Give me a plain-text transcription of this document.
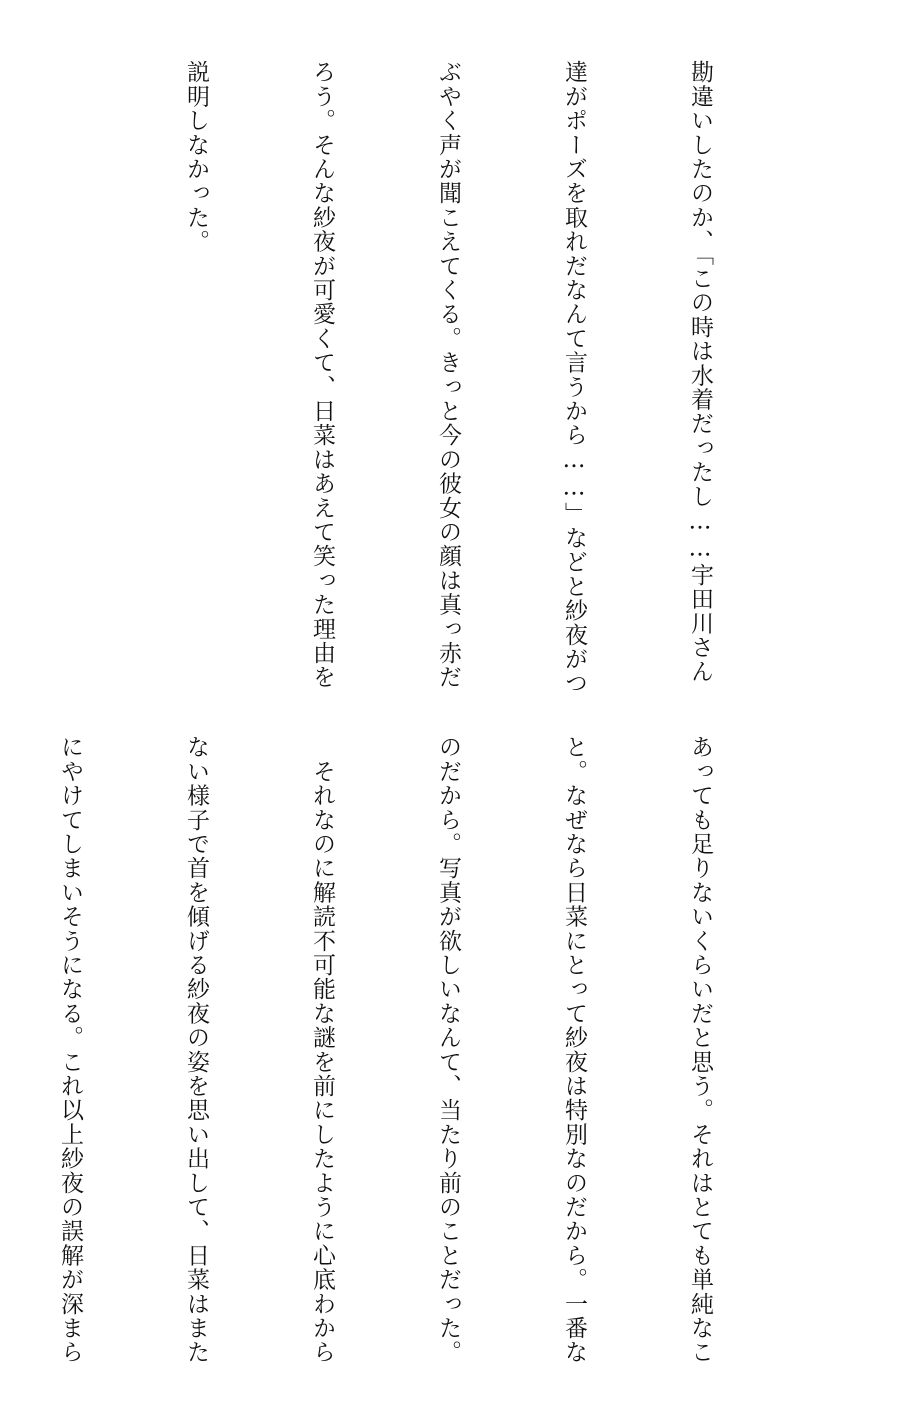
勘違いしたのか、「この時は水着だったし……宇田川さん

達がポーズを取れだなんて言うから……」などと紗夜がつ

ぶやく声が聞こえてくる。きっと今の彼女の顔は真っ赤だ

ろう。そんな紗夜が可愛くて、日菜はあえて笑った理由を

説明しなかった。

あっても足りないくらいだと思う。それはとても単純なこ

と。なぜなら日菜にとって紗夜は特別なのだから。一番な

のだから。写真が欲しいなんて、当たり前のことだった。

　それなのに解読不可能な謎を前にしたように心底わから

ない様子で首を傾げる紗夜の姿を思い出して、日菜はまた

にやけてしまいそうになる。これ以上紗夜の誤解が深まら
